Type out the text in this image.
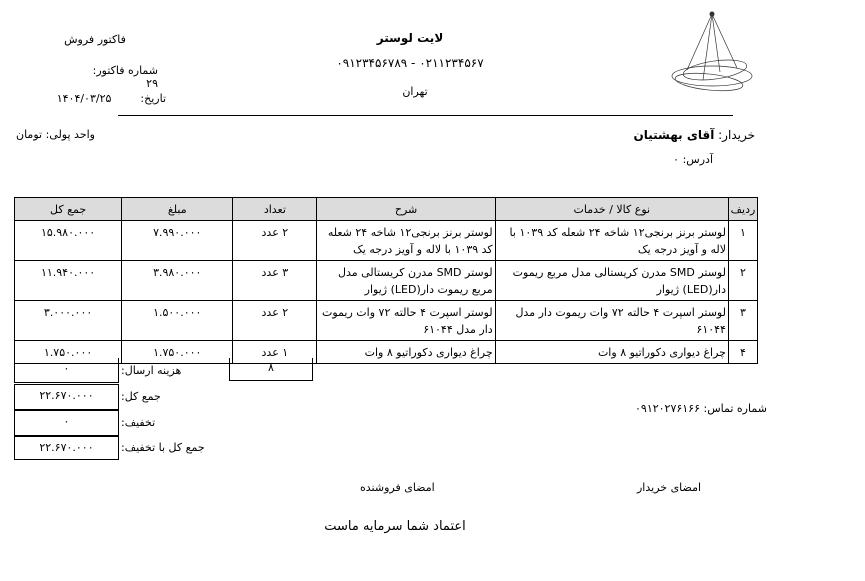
لایت لوستر
۰۲۱۱۲۳۴۵۶۷ - ۰۹۱۲۳۴۵۶۷۸۹
تهران
فاکتور فروش
شماره فاکتور:  ۲۹
تاریخ:  ۱۴۰۴/۰۳/۲۵
خریدار: آقای بهشتیان
آدرس: ۰
واحد پولی: تومان
ردیف	نوع کالا / خدمات	شرح	تعداد	مبلغ	جمع کل
۱	لوستر برنز برنجی۱۲ شاخه ۲۴ شعله کد ۱۰۳۹ با لاله و آویز درجه یک	لوستر برنز برنجی۱۲ شاخه ۲۴ شعله کد ۱۰۳۹ با لاله و آویز درجه یک	۲ عدد	۷.۹۹۰.۰۰۰	۱۵.۹۸۰.۰۰۰
۲	لوستر SMD مدرن کریستالی مدل مربع ریموت دار(LED) ژیوار	لوستر SMD مدرن کریستالی مدل مربع ریموت دار(LED) ژیوار	۳ عدد	۳.۹۸۰.۰۰۰	۱۱.۹۴۰.۰۰۰
۳	لوستر اسپرت ۴ حالته ۷۲ وات ریموت دار مدل ۶۱۰۴۴	لوستر اسپرت ۴ حالته ۷۲ وات ریموت دار مدل ۶۱۰۴۴	۲ عدد	۱.۵۰۰.۰۰۰	۳.۰۰۰.۰۰۰
۴	چراغ دیواری دکوراتیو ۸ وات	چراغ دیواری دکوراتیو ۸ وات	۱ عدد	۱.۷۵۰.۰۰۰	۱.۷۵۰.۰۰۰
۸
۰	هزینه ارسال:
۲۲.۶۷۰.۰۰۰	جمع کل:
۰	تخفیف:
۲۲.۶۷۰.۰۰۰	جمع کل با تخفیف:
شماره تماس: ۰۹۱۲۰۲۷۶۱۶۶
امضای خریدار
امضای فروشنده
اعتماد شما سرمایه ماست
